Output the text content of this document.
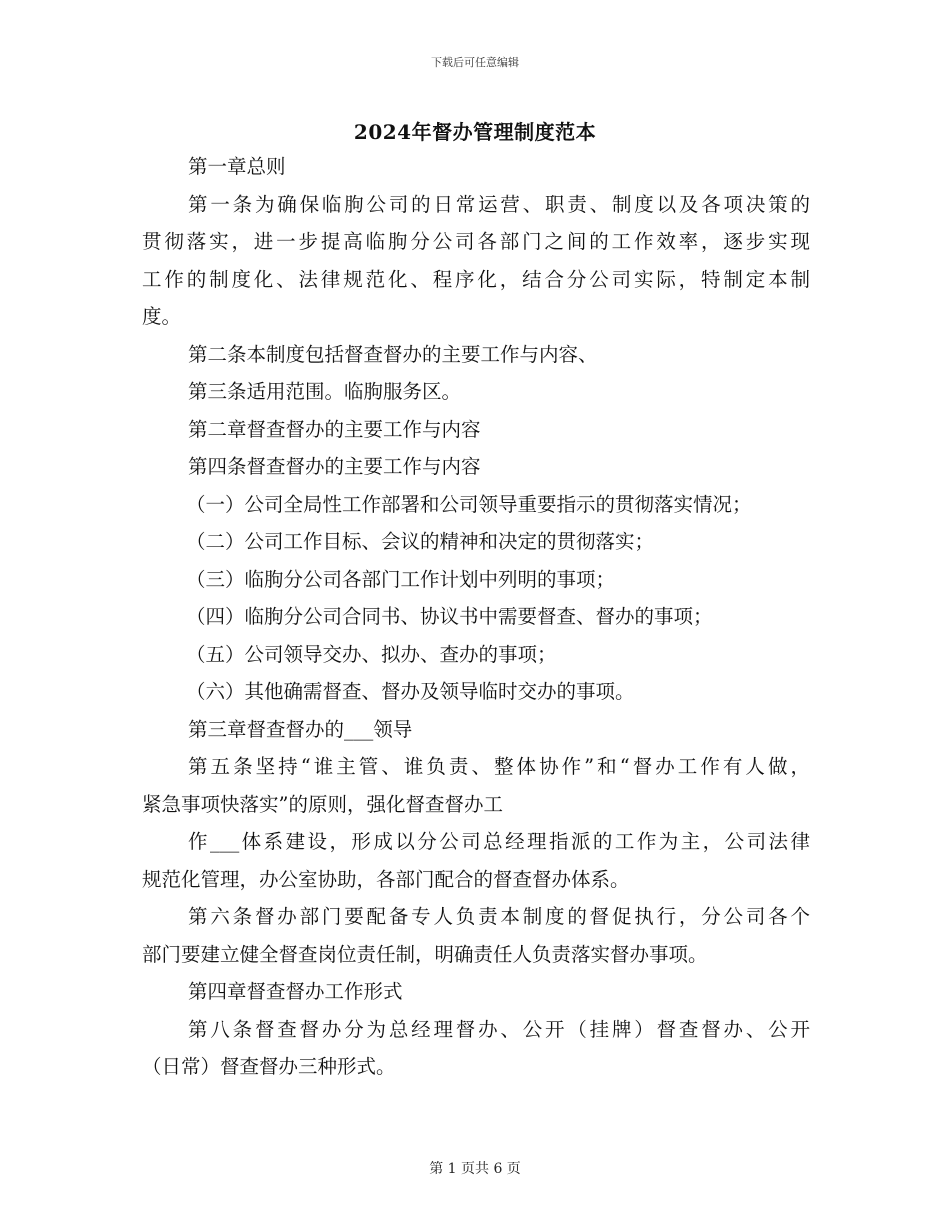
下载后可任意编辑
2024年督办管理制度范本

第一章总则

第一条为确保临朐公司的日常运营、职责、制度以及各项决策的
贯彻落实，进一步提高临朐分公司各部门之间的工作效率，逐步实现
工作的制度化、法律规范化、程序化，结合分公司实际，特制定本制
度。

第二条本制度包括督查督办的主要工作与内容、

第三条适用范围。临朐服务区。

第二章督查督办的主要工作与内容

第四条督查督办的主要工作与内容

（一）公司全局性工作部署和公司领导重要指示的贯彻落实情况；

（二）公司工作目标、会议的精神和决定的贯彻落实；

（三）临朐分公司各部门工作计划中列明的事项；

（四）临朐分公司合同书、协议书中需要督查、督办的事项；

（五）公司领导交办、拟办、查办的事项；

（六）其他确需督查、督办及领导临时交办的事项。

第三章督查督办的___领导

第五条坚持“谁主管、谁负责、整体协作”和“督办工作有人做，
紧急事项快落实”的原则，强化督查督办工

作___体系建设，形成以分公司总经理指派的工作为主，公司法律
规范化管理，办公室协助，各部门配合的督查督办体系。

第六条督办部门要配备专人负责本制度的督促执行，分公司各个
部门要建立健全督查岗位责任制，明确责任人负责落实督办事项。

第四章督查督办工作形式

第八条督查督办分为总经理督办、公开（挂牌）督查督办、公开
（日常）督查督办三种形式。

第 1 页共 6 页
